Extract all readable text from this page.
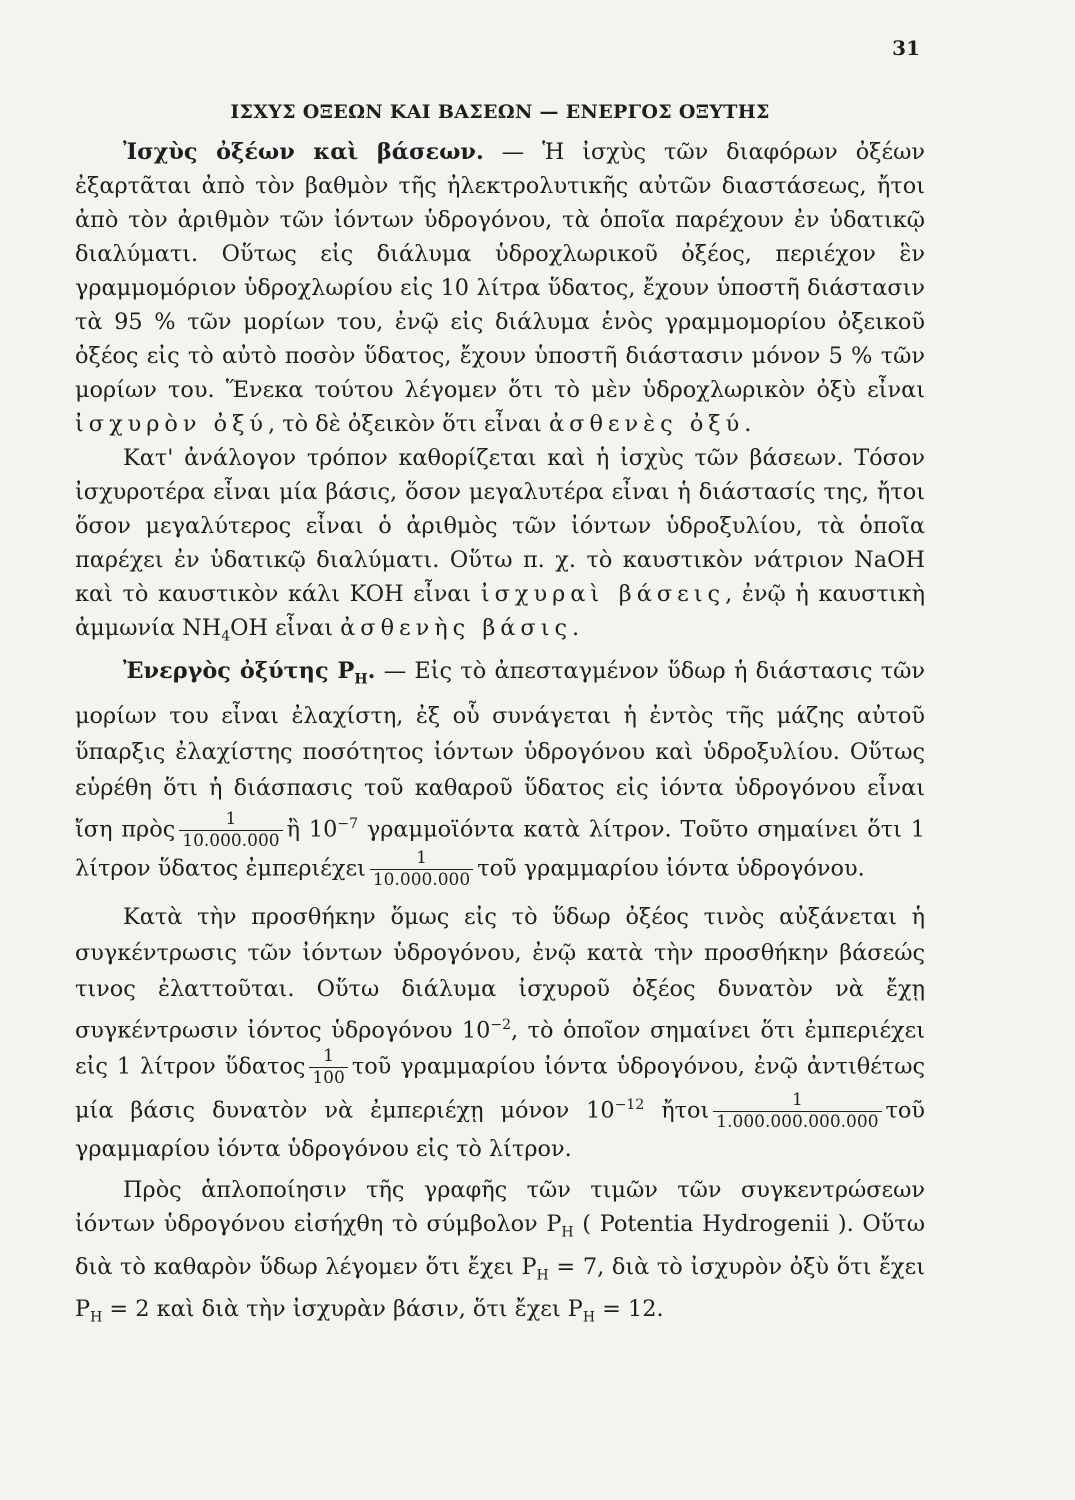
31
ΙΣΧΥΣ ΟΞΕΩΝ ΚΑΙ ΒΑΣΕΩΝ — ΕΝΕΡΓΟΣ ΟΞΥΤΗΣ

Ἰσχὺς ὀξέων καὶ βάσεων. — Ἡ ἰσχὺς τῶν διαφόρων ὀξέων ἐξαρτᾶται ἀπὸ τὸν βαθμὸν τῆς ἠλεκτρολυτικῆς αὐτῶν διαστάσεως, ἤτοι ἀπὸ τὸν ἀριθμὸν τῶν ἰόντων ὑδρογόνου, τὰ ὁποῖα παρέχουν ἐν ὑδατικῷ διαλύματι. Οὕτως εἰς διάλυμα ὑδροχλωρικοῦ ὀξέος, περιέχον ἓν γραμμομόριον ὑδροχλωρίου εἰς 10 λίτρα ὕδατος, ἔχουν ὑποστῆ διάστασιν τὰ 95 % τῶν μορίων του, ἐνῷ εἰς διάλυμα ἑνὸς γραμμομορίου ὀξεικοῦ ὀξέος εἰς τὸ αὐτὸ ποσὸν ὕδατος, ἔχουν ὑποστῆ διάστασιν μόνον 5 % τῶν μορίων του. Ἕνεκα τούτου λέγομεν ὅτι τὸ μὲν ὑδροχλωρικὸν ὀξὺ εἶναι ἰσχυρὸν ὀξύ, τὸ δὲ ὀξεικὸν ὅτι εἶναι ἀσθενὲς ὀξύ.

Κατ' ἀνάλογον τρόπον καθορίζεται καὶ ἡ ἰσχὺς τῶν βάσεων. Τόσον ἰσχυροτέρα εἶναι μία βάσις, ὅσον μεγαλυτέρα εἶναι ἡ διάστασίς της, ἤτοι ὅσον μεγαλύτερος εἶναι ὁ ἀριθμὸς τῶν ἰόντων ὑδροξυλίου, τὰ ὁποῖα παρέχει ἐν ὑδατικῷ διαλύματι. Οὕτω π. χ. τὸ καυστικὸν νάτριον NaOH καὶ τὸ καυστικὸν κάλι KOH εἶναι ἰσχυραὶ βάσεις, ἐνῷ ἡ καυστικὴ ἀμμωνία $NH_4OH$ εἶναι ἀσθενὴς βάσις.

Ἐνεργὸς ὀξύτης $P_H$. — Εἰς τὸ ἀπεσταγμένον ὕδωρ ἡ διάστασις τῶν μορίων του εἶναι ἐλαχίστη, ἐξ οὗ συνάγεται ἡ ἐντὸς τῆς μάζης αὐτοῦ ὕπαρξις ἐλαχίστης ποσότητος ἰόντων ὑδρογόνου καὶ ὑδροξυλίου. Οὕτως εὑρέθη ὅτι ἡ διάσπασις τοῦ καθαροῦ ὕδατος εἰς ἰόντα ὑδρογόνου εἶναι ἴση πρὸς $\frac{1}{10.000.000}$ ἢ $10^{-7}$ γραμμοϊόντα κατὰ λίτρον. Τοῦτο σημαίνει ὅτι 1 λίτρον ὕδατος ἐμπεριέχει $\frac{1}{10.000.000}$ τοῦ γραμμαρίου ἰόντα ὑδρογόνου.

Κατὰ τὴν προσθήκην ὅμως εἰς τὸ ὕδωρ ὀξέος τινὸς αὐξάνεται ἡ συγκέντρωσις τῶν ἰόντων ὑδρογόνου, ἐνῷ κατὰ τὴν προσθήκην βάσεώς τινος ἐλαττοῦται. Οὕτω διάλυμα ἰσχυροῦ ὀξέος δυνατὸν νὰ ἔχῃ συγκέντρωσιν ἰόντος ὑδρογόνου $10^{-2}$, τὸ ὁποῖον σημαίνει ὅτι ἐμπεριέχει εἰς 1 λίτρον ὕδατος $\frac{1}{100}$ τοῦ γραμμαρίου ἰόντα ὑδρογόνου, ἐνῷ ἀντιθέτως μία βάσις δυνατὸν νὰ ἐμπεριέχῃ μόνον $10^{-12}$ ἤτοι $\frac{1}{1.000.000.000.000}$ τοῦ γραμμαρίου ἰόντα ὑδρογόνου εἰς τὸ λίτρον.

Πρὸς ἁπλοποίησιν τῆς γραφῆς τῶν τιμῶν τῶν συγκεντρώσεων ἰόντων ὑδρογόνου εἰσήχθη τὸ σύμβολον $P_H$ ( Potentia Hydrogenii ). Οὕτω διὰ τὸ καθαρὸν ὕδωρ λέγομεν ὅτι ἔχει $P_H = 7$, διὰ τὸ ἰσχυρὸν ὀξὺ ὅτι ἔχει $P_H = 2$ καὶ διὰ τὴν ἰσχυρὰν βάσιν, ὅτι ἔχει $P_H = 12$.
